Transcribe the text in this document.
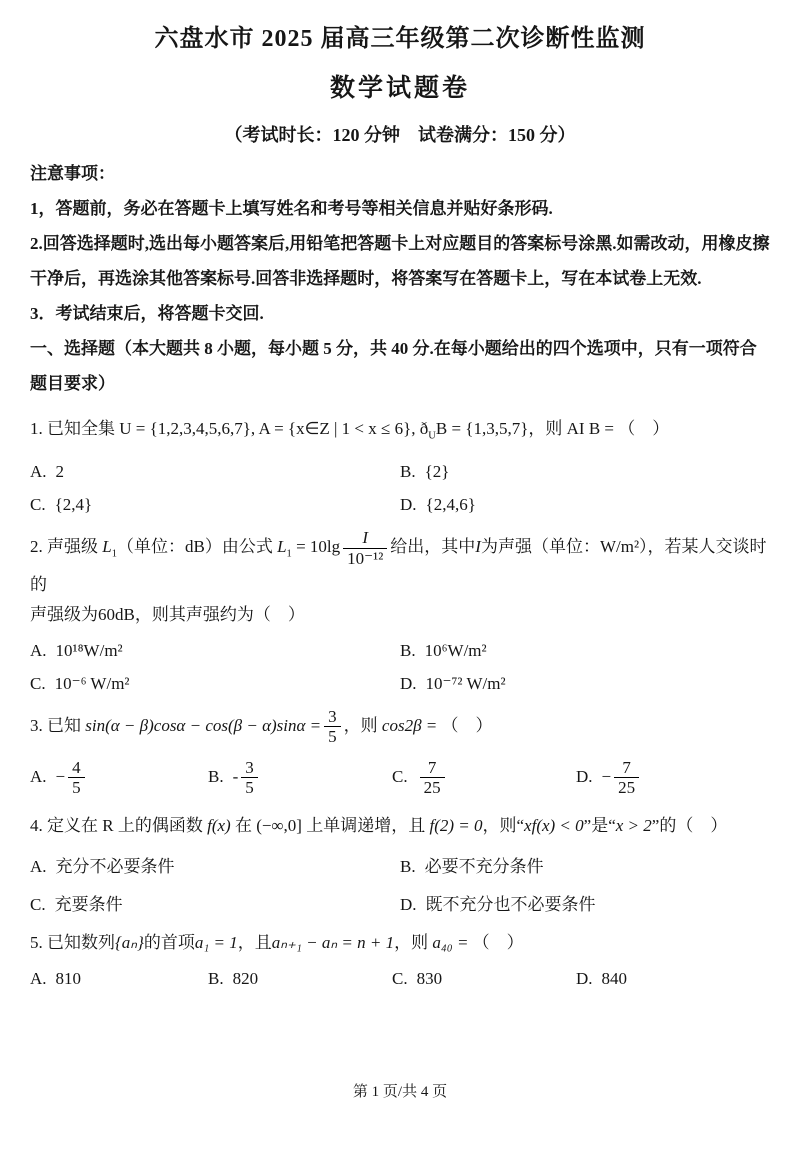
六盘水市 2025 届高三年级第二次诊断性监测
数学试题卷
（考试时长：120 分钟　试卷满分：150 分）
注意事项：
1，答题前，务必在答题卡上填写姓名和考号等相关信息并贴好条形码.
2.回答选择题时,选出每小题答案后,用铅笔把答题卡上对应题目的答案标号涂黑.如需改动，用橡皮擦干净后，再选涂其他答案标号.回答非选择题时，将答案写在答题卡上，写在本试卷上无效.
3．考试结束后，将答题卡交回.
一、选择题（本大题共 8 小题，每小题 5 分，共 40 分.在每小题给出的四个选项中，只有一项符合题目要求）
1. 已知全集 U = {1,2,3,4,5,6,7}, A = {x∈Z | 1 < x ≤ 6}, $ð_UB = \{1,3,5,7\}$，则 AΙ B = （　）
A. 2	B. {2}
C. {2,4}	D. {2,4,6}
2. 声强级 $L_1$（单位：dB）由公式 $L_1 = 10\lg \frac{I}{\text{10⁻¹²}}$ 给出，其中I为声强（单位：W/m²），若某人交谈时的
声强级为60dB，则其声强约为（　）
A. 10¹⁸W/m²	B. 10⁶W/m²
C. 10⁻⁶ W/m²	D. 10⁻⁷² W/m²
3. 已知 $\sin(\alpha - \beta)\cos\alpha - \cos(\beta - \alpha)\sin\alpha = \frac{3}{5}$ ，则 cos2β = （　）
A. − $\frac{4}{5}$	B. - $\frac{3}{5}$	C. $\frac{7}{25}$	D. − $\frac{7}{25}$
4. 定义在 R 上的偶函数 f(x) 在 (−∞,0] 上单调递增，且 f(2) = 0，则“xf(x) < 0”是“x > 2”的（　）
A. 充分不必要条件	B. 必要不充分条件
C. 充要条件	D. 既不充分也不必要条件
5. 已知数列{aₙ}的首项a₁ = 1，且aₙ₊₁ − aₙ = n + 1，则 a₄₀ = （　）
A. 810	B. 820	C. 830	D. 840
第 1 页/共 4 页
